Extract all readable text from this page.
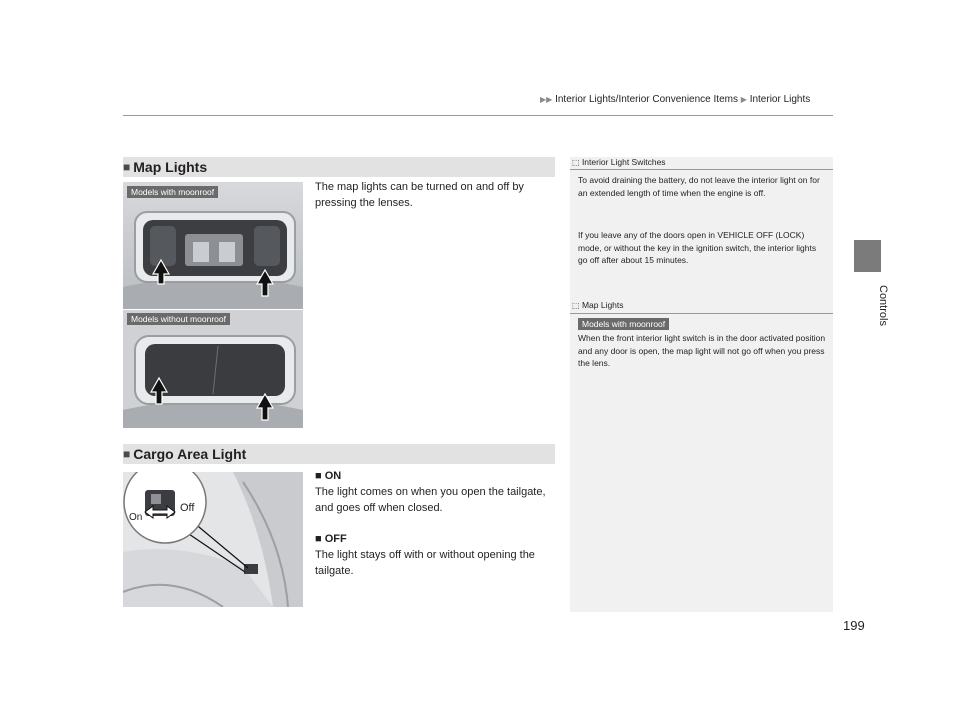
▶▶ Interior Lights/Interior Convenience Items ▶ Interior Lights
Controls
■ Map Lights
The map lights can be turned on and off by pressing the lenses.
Models with moonroof
Models without moonroof
■ Cargo Area Light
■ ON
The light comes on when you open the tailgate, and goes off when closed.
■ OFF
The light stays off with or without opening the tailgate.
On
Off
⬚ Interior Light Switches
To avoid draining the battery, do not leave the interior light on for an extended length of time when the engine is off.
If you leave any of the doors open in VEHICLE OFF (LOCK) mode, or without the key in the ignition switch, the interior lights go off after about 15 minutes.
⬚ Map Lights
Models with moonroof
When the front interior light switch is in the door activated position and any door is open, the map light will not go off when you press the lens.
199
